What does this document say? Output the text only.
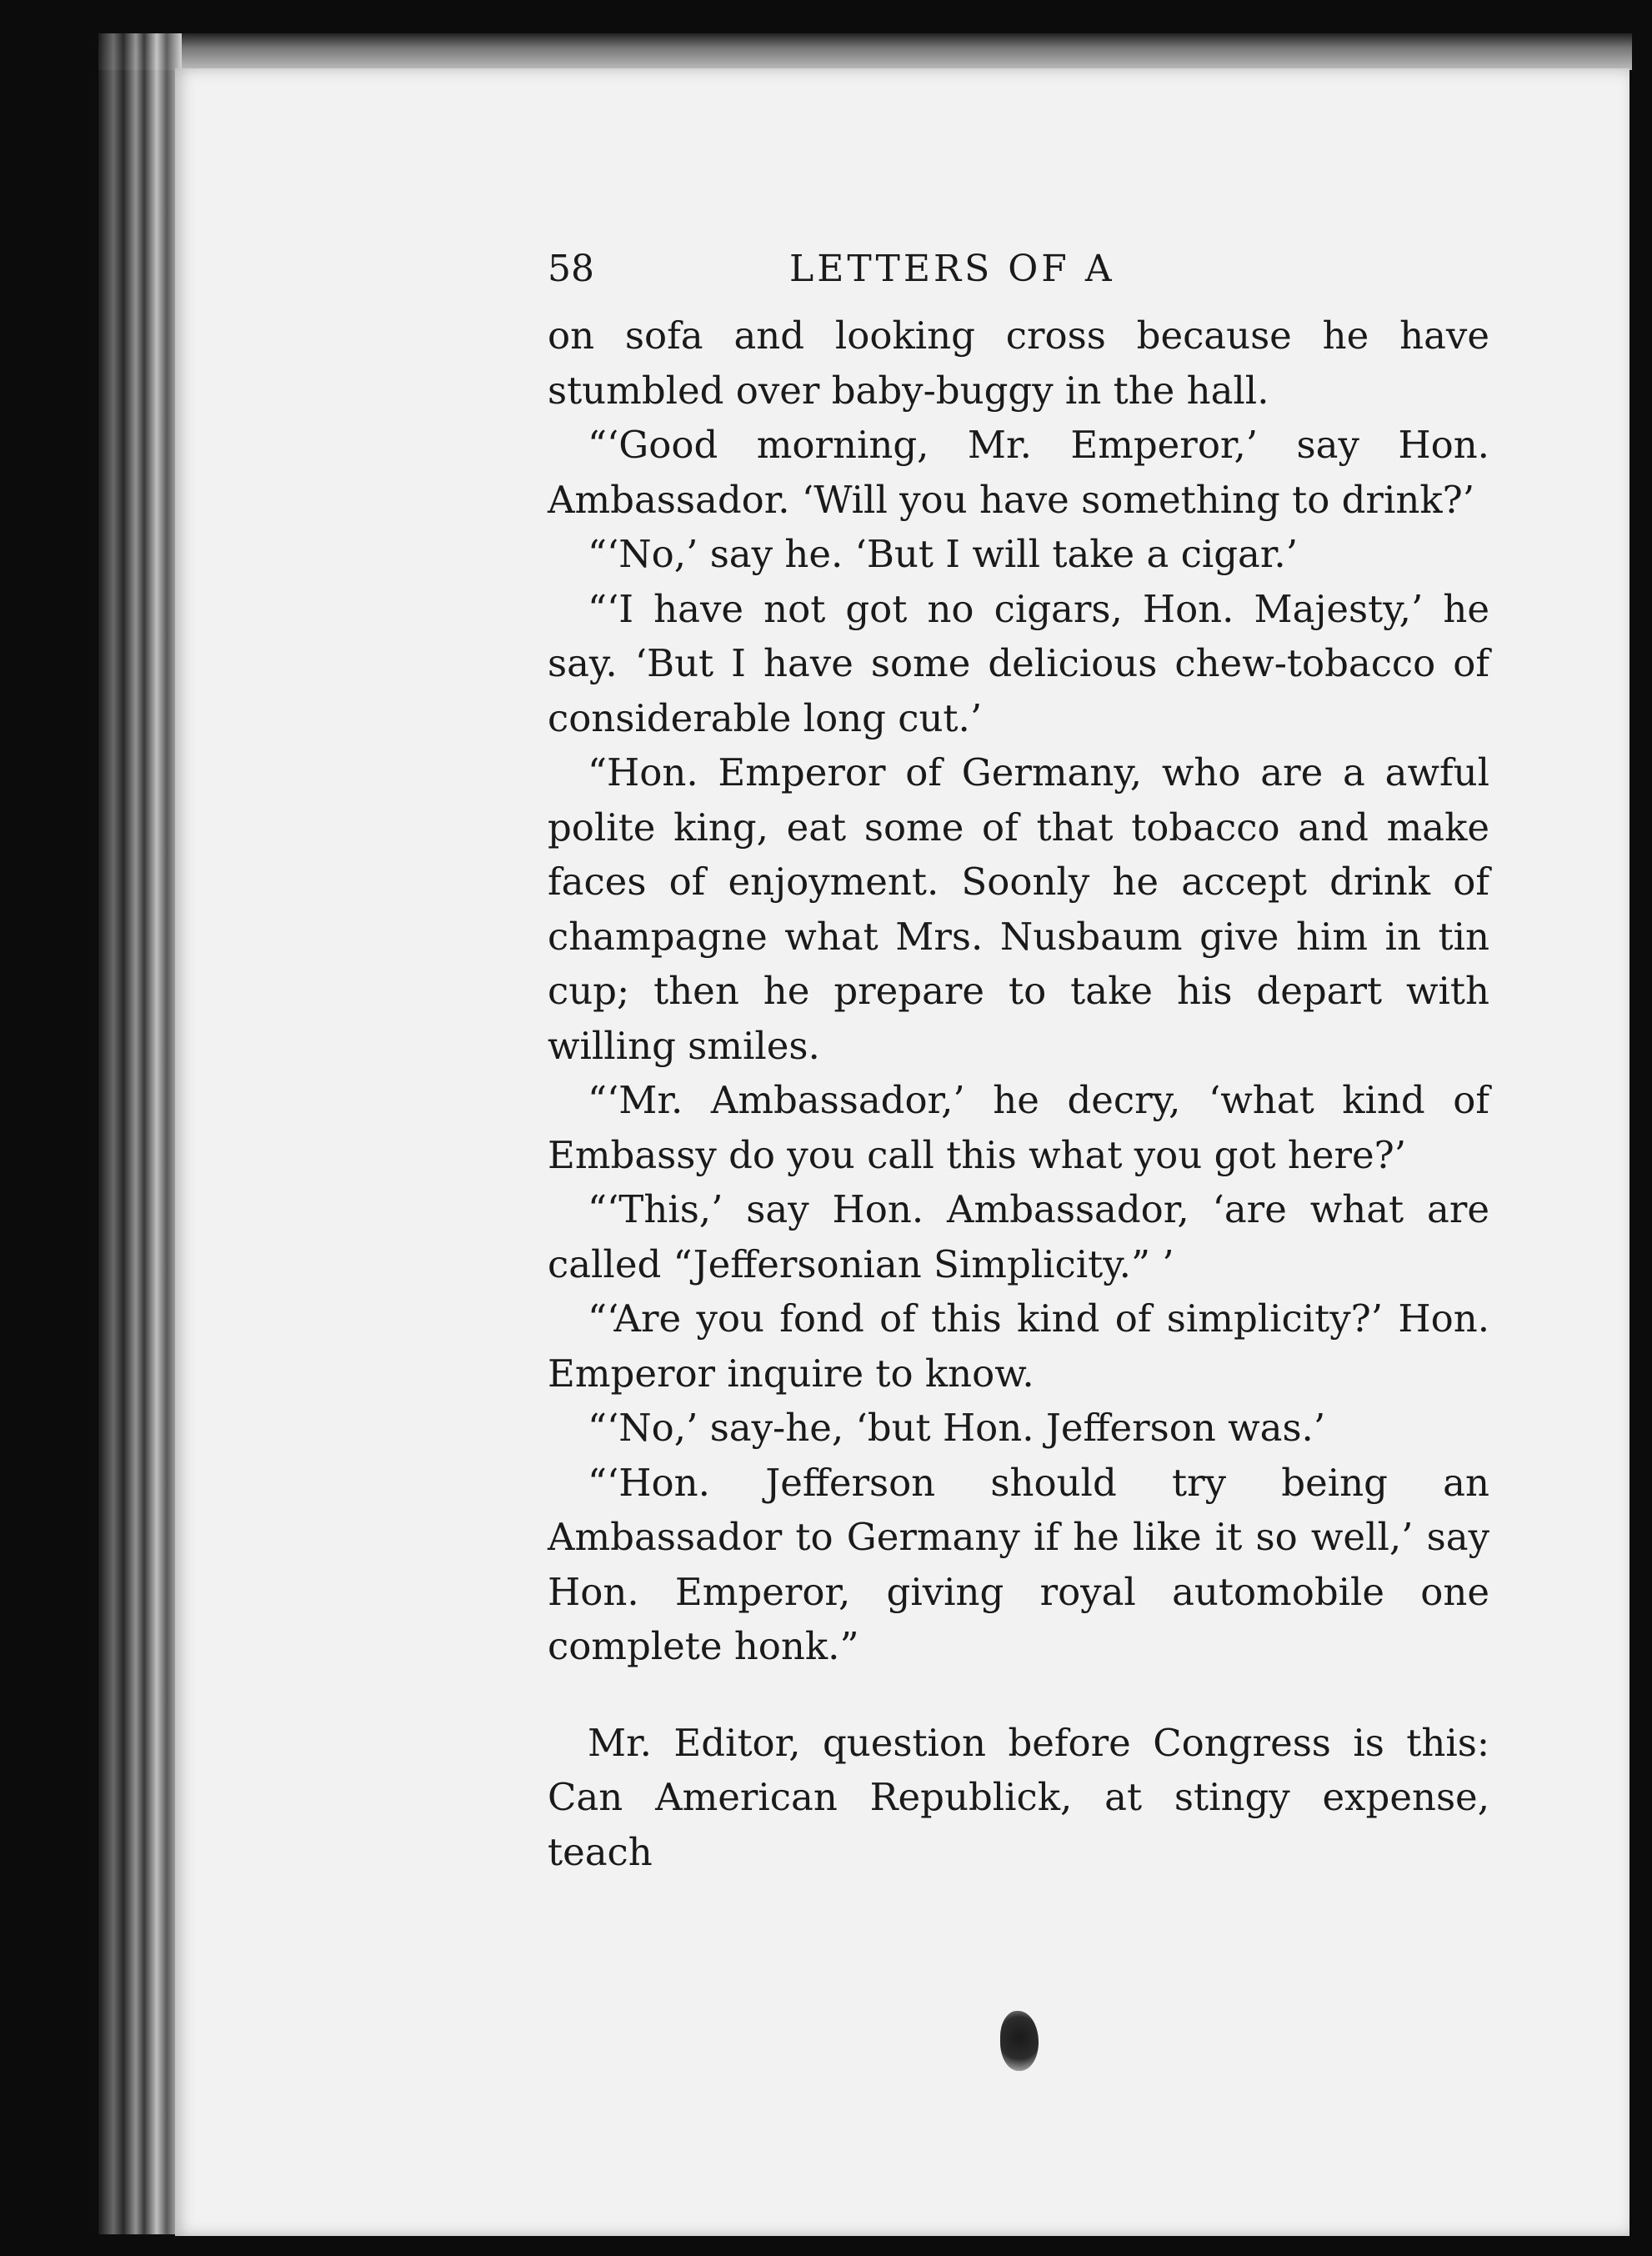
58	LETTERS OF A

on sofa and looking cross because he have stumbled over baby-buggy in the hall.

“‘Good morning, Mr. Emperor,’ say Hon. Ambassador. ‘Will you have something to drink?’

“‘No,’ say he. ‘But I will take a cigar.’

“‘I have not got no cigars, Hon. Majesty,’ he say. ‘But I have some delicious chew-tobacco of considerable long cut.’

“Hon. Emperor of Germany, who are a awful polite king, eat some of that tobacco and make faces of enjoyment. Soonly he accept drink of champagne what Mrs. Nusbaum give him in tin cup; then he prepare to take his depart with willing smiles.

“‘Mr. Ambassador,’ he decry, ‘what kind of Embassy do you call this what you got here?’

“‘This,’ say Hon. Ambassador, ‘are what are called “Jeffersonian Simplicity.” ’

“‘Are you fond of this kind of simplicity?’ Hon. Emperor inquire to know.

“‘No,’ say-he, ‘but Hon. Jefferson was.’

“‘Hon. Jefferson should try being an Ambassador to Germany if he like it so well,’ say Hon. Emperor, giving royal automobile one complete honk.”

Mr. Editor, question before Congress is this: Can American Republick, at stingy expense, teach
